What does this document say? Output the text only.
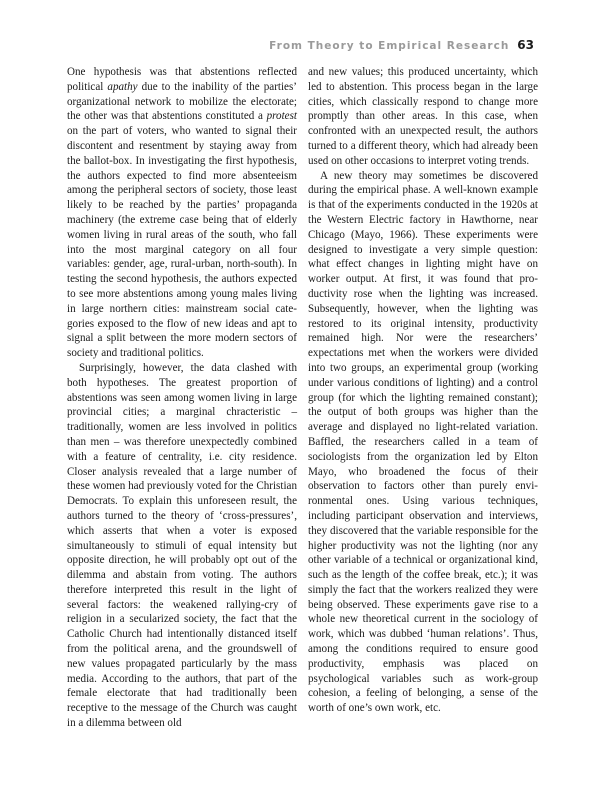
From Theory to Empirical Research 63

One hypothesis was that abstentions reflected political apathy due to the inability of the parties’ organizational network to mobilize the electorate; the other was that abstentions constituted a protest on the part of voters, who wanted to signal their discontent and resentment by staying away from the ballot-box. In investigating the first hypothesis, the authors expected to find more absenteeism among the peripheral sectors of society, those least likely to be reached by the parties’ propaganda machinery (the extreme case being that of elderly women living in rural areas of the south, who fall into the most marginal category on all four variables: gender, age, rural-urban, north-south). In testing the second hypothesis, the authors expected to see more abstentions among young males living in large northern cities: mainstream social categories exposed to the flow of new ideas and apt to signal a split between the more modern sectors of society and traditional politics.

Surprisingly, however, the data clashed with both hypotheses. The greatest proportion of abstentions was seen among women living in large provincial cities; a marginal chracteristic – traditionally, women are less involved in politics than men – was therefore unexpectedly combined with a feature of centrality, i.e. city residence. Closer analysis revealed that a large number of these women had previously voted for the Christian Democrats. To explain this unforeseen result, the authors turned to the theory of ‘cross-pressures’, which asserts that when a voter is exposed simultaneously to stimuli of equal intensity but opposite direction, he will probably opt out of the dilemma and abstain from voting. The authors therefore interpreted this result in the light of several factors: the weakened rallying-cry of religion in a secularized society, the fact that the Catholic Church had intentionally distanced itself from the political arena, and the groundswell of new values propagated particularly by the mass media. According to the authors, that part of the female electorate that had traditionally been receptive to the message of the Church was caught in a dilemma between old

and new values; this produced uncertainty, which led to abstention. This process began in the large cities, which classically respond to change more promptly than other areas. In this case, when confronted with an unexpected result, the authors turned to a different theory, which had already been used on other occasions to interpret voting trends.

A new theory may sometimes be discovered during the empirical phase. A well-known example is that of the experiments conducted in the 1920s at the Western Electric factory in Hawthorne, near Chicago (Mayo, 1966). These experiments were designed to investigate a very simple question: what effect changes in lighting might have on worker output. At first, it was found that productivity rose when the lighting was increased. Subsequently, however, when the lighting was restored to its original intensity, productivity remained high. Nor were the researchers’ expectations met when the workers were divided into two groups, an experimental group (working under various conditions of lighting) and a control group (for which the lighting remained constant); the output of both groups was higher than the average and displayed no light-related variation. Baffled, the researchers called in a team of sociologists from the organization led by Elton Mayo, who broadened the focus of their observation to factors other than purely environmental ones. Using various techniques, including participant observation and interviews, they discovered that the variable responsible for the higher productivity was not the lighting (nor any other variable of a technical or organizational kind, such as the length of the coffee break, etc.); it was simply the fact that the workers realized they were being observed. These experiments gave rise to a whole new theoretical current in the sociology of work, which was dubbed ‘human relations’. Thus, among the conditions required to ensure good productivity, emphasis was placed on psychological variables such as work-group cohesion, a feeling of belonging, a sense of the worth of one’s own work, etc.
